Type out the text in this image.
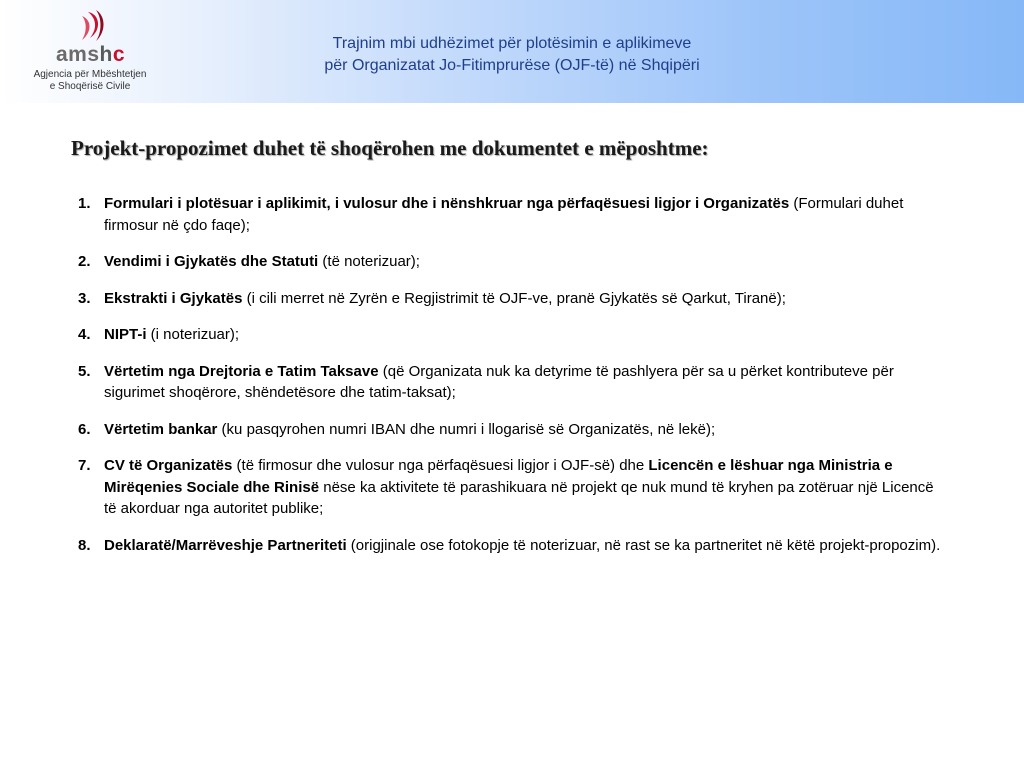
amshc
Agjencia për Mbështetjen
e Shoqërisë Civile
Trajnim mbi udhëzimet për plotësimin e aplikimeve
për Organizatat Jo-Fitimprurëse (OJF-të) në Shqipëri
Projekt-propozimet duhet të shoqërohen me dokumentet e mëposhtme:
1. Formulari i plotësuar i aplikimit, i vulosur dhe i nënshkruar nga përfaqësuesi ligjor i Organizatës (Formulari duhet firmosur në çdo faqe);
2. Vendimi i Gjykatës dhe Statuti (të noterizuar);
3. Ekstrakti i Gjykatës (i cili merret në Zyrën e Regjistrimit të OJF-ve, pranë Gjykatës së Qarkut, Tiranë);
4. NIPT-i (i noterizuar);
5. Vërtetim nga Drejtoria e Tatim Taksave (që Organizata nuk ka detyrime të pashlyera për sa u përket kontributeve për sigurimet shoqërore, shëndetësore dhe tatim-taksat);
6. Vërtetim bankar (ku pasqyrohen numri IBAN dhe numri i llogarisë së Organizatës, në lekë);
7. CV të Organizatës (të firmosur dhe vulosur nga përfaqësuesi ligjor i OJF-së) dhe Licencën e lëshuar nga Ministria e Mirëqenies Sociale dhe Rinisë nëse ka aktivitete të parashikuara në projekt qe nuk mund të kryhen pa zotëruar një Licencë të akorduar nga autoritet publike;
8. Deklaratë/Marrëveshje Partneriteti (origjinale ose fotokopje të noterizuar, në rast se ka partneritet në këtë projekt-propozim).
